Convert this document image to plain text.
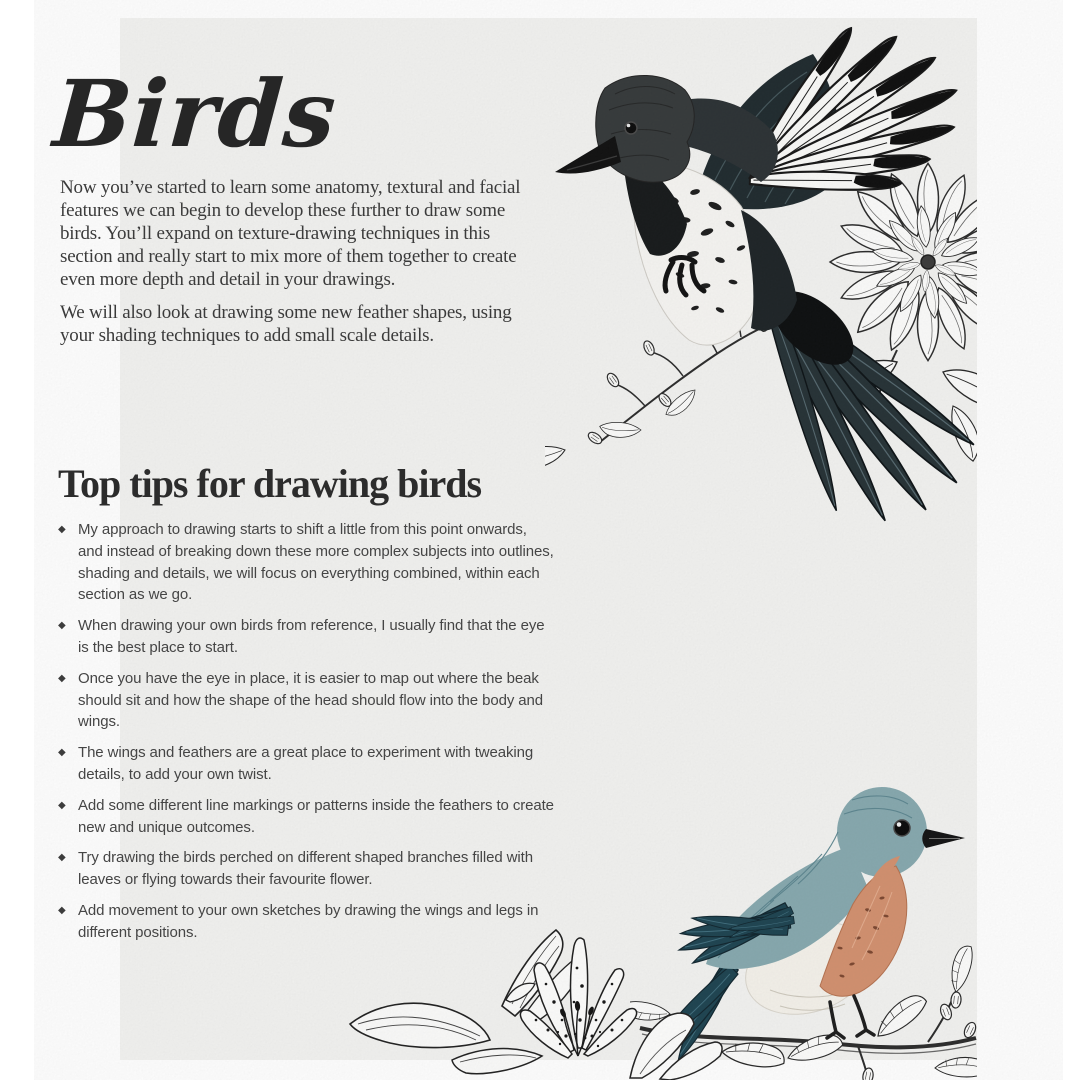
Birds

Now you’ve started to learn some anatomy, textural and facial features we can begin to develop these further to draw some birds. You’ll expand on texture-drawing techniques in this section and really start to mix more of them together to create even more depth and detail in your drawings.

We will also look at drawing some new feather shapes, using your shading techniques to add small scale details.

Top tips for drawing birds
◆ My approach to drawing starts to shift a little from this point onwards, and instead of breaking down these more complex subjects into outlines, shading and details, we will focus on everything combined, within each section as we go.
◆ When drawing your own birds from reference, I usually find that the eye is the best place to start.
◆ Once you have the eye in place, it is easier to map out where the beak should sit and how the shape of the head should flow into the body and wings.
◆ The wings and feathers are a great place to experiment with tweaking details, to add your own twist.
◆ Add some different line markings or patterns inside the feathers to create new and unique outcomes.
◆ Try drawing the birds perched on different shaped branches filled with leaves or flying towards their favourite flower.
◆ Add movement to your own sketches by drawing the wings and legs in different positions.
